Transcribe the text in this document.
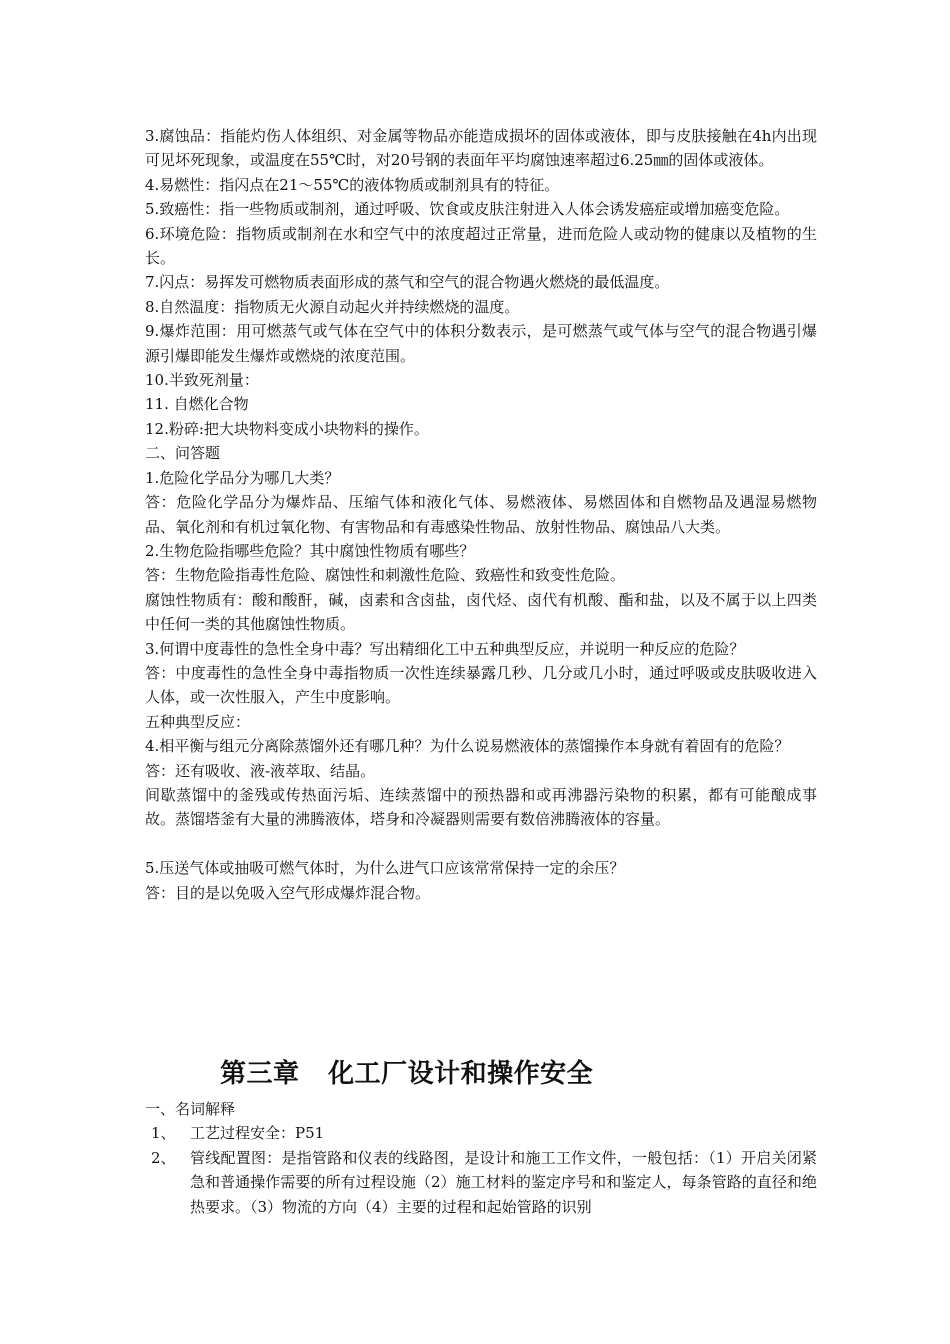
3.腐蚀品：指能灼伤人体组织、对金属等物品亦能造成损坏的固体或液体，即与皮肤接触在4h内出现可见坏死现象，或温度在55℃时，对20号钢的表面年平均腐蚀速率超过6.25㎜的固体或液体。

4.易燃性：指闪点在21～55℃的液体物质或制剂具有的特征。

5.致癌性：指一些物质或制剂，通过呼吸、饮食或皮肤注射进入人体会诱发癌症或增加癌变危险。

6.环境危险：指物质或制剂在水和空气中的浓度超过正常量，进而危险人或动物的健康以及植物的生长。

7.闪点：易挥发可燃物质表面形成的蒸气和空气的混合物遇火燃烧的最低温度。

8.自然温度：指物质无火源自动起火并持续燃烧的温度。

9.爆炸范围：用可燃蒸气或气体在空气中的体积分数表示，是可燃蒸气或气体与空气的混合物遇引爆源引爆即能发生爆炸或燃烧的浓度范围。

10.半致死剂量：

11. 自燃化合物

12.粉碎:把大块物料变成小块物料的操作。

二、问答题

1.危险化学品分为哪几大类？

答：危险化学品分为爆炸品、压缩气体和液化气体、易燃液体、易燃固体和自燃物品及遇湿易燃物品、氧化剂和有机过氧化物、有害物品和有毒感染性物品、放射性物品、腐蚀品八大类。

2.生物危险指哪些危险？其中腐蚀性物质有哪些？

答：生物危险指毒性危险、腐蚀性和刺激性危险、致癌性和致变性危险。

腐蚀性物质有：酸和酸酐，碱，卤素和含卤盐，卤代烃、卤代有机酸、酯和盐，以及不属于以上四类中任何一类的其他腐蚀性物质。

3.何谓中度毒性的急性全身中毒？写出精细化工中五种典型反应，并说明一种反应的危险？

答：中度毒性的急性全身中毒指物质一次性连续暴露几秒、几分或几小时，通过呼吸或皮肤吸收进入人体，或一次性服入，产生中度影响。

五种典型反应：

4.相平衡与组元分离除蒸馏外还有哪几种？为什么说易燃液体的蒸馏操作本身就有着固有的危险？

答：还有吸收、液-液萃取、结晶。

间歇蒸馏中的釜残或传热面污垢、连续蒸馏中的预热器和或再沸器污染物的积累，都有可能酿成事故。蒸馏塔釜有大量的沸腾液体，塔身和冷凝器则需要有数倍沸腾液体的容量。

5.压送气体或抽吸可燃气体时，为什么进气口应该常常保持一定的余压？

答：目的是以免吸入空气形成爆炸混合物。

第三章   化工厂设计和操作安全

一、名词解释

1、 工艺过程安全：P51
2、 管线配置图：是指管路和仪表的线路图，是设计和施工工作文件，一般包括：（1）开启关闭紧急和普通操作需要的所有过程设施（2）施工材料的鉴定序号和和鉴定人，每条管路的直径和绝热要求。（3）物流的方向（4）主要的过程和起始管路的识别
